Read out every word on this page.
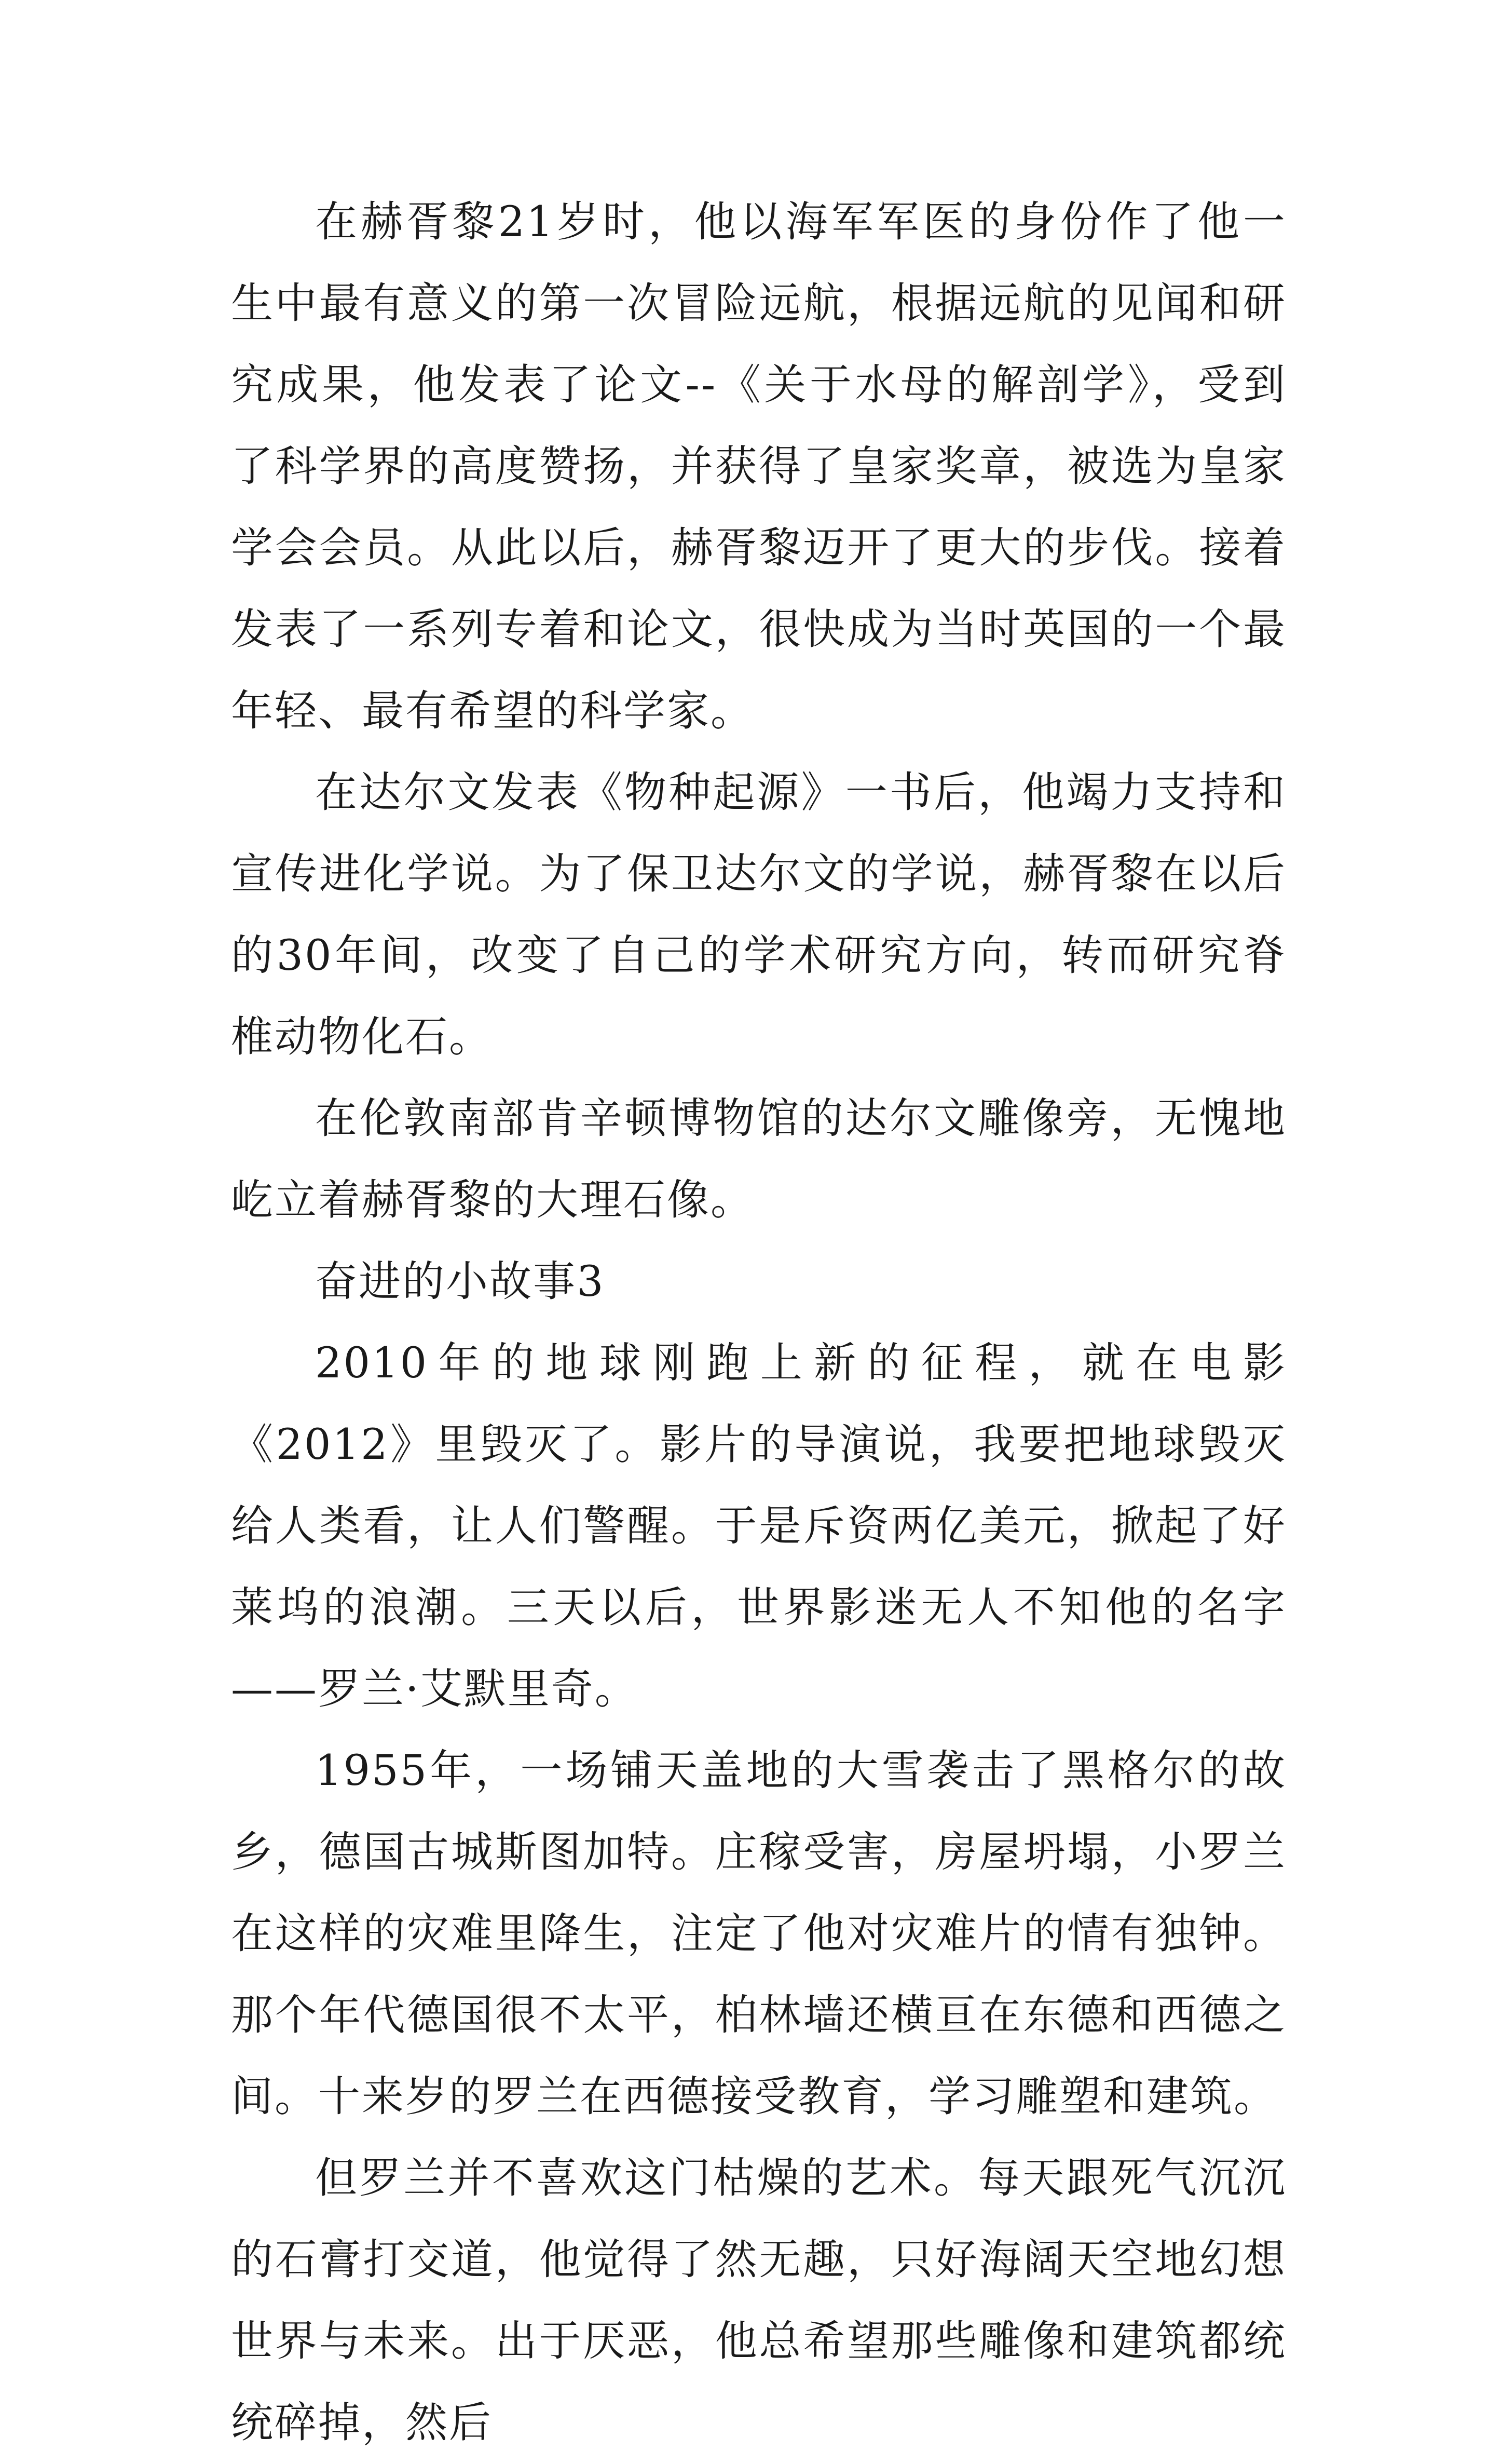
在赫胥黎21岁时，他以海军军医的身份作了他一生中最有意义的第一次冒险远航，根据远航的见闻和研究成果，他发表了论文--《关于水母的解剖学》，受到了科学界的高度赞扬，并获得了皇家奖章，被选为皇家学会会员。从此以后，赫胥黎迈开了更大的步伐。接着发表了一系列专着和论文，很快成为当时英国的一个最年轻、最有希望的科学家。

在达尔文发表《物种起源》一书后，他竭力支持和宣传进化学说。为了保卫达尔文的学说，赫胥黎在以后的30年间，改变了自己的学术研究方向，转而研究脊椎动物化石。

在伦敦南部肯辛顿博物馆的达尔文雕像旁，无愧地屹立着赫胥黎的大理石像。

奋进的小故事3

2010年的地球刚跑上新的征程，就在电影《2012》里毁灭了。影片的导演说，我要把地球毁灭给人类看，让人们警醒。于是斥资两亿美元，掀起了好莱坞的浪潮。三天以后，世界影迷无人不知他的名字——罗兰·艾默里奇。

1955年，一场铺天盖地的大雪袭击了黑格尔的故乡，德国古城斯图加特。庄稼受害，房屋坍塌，小罗兰在这样的灾难里降生，注定了他对灾难片的情有独钟。那个年代德国很不太平，柏林墙还横亘在东德和西德之间。十来岁的罗兰在西德接受教育，学习雕塑和建筑。

但罗兰并不喜欢这门枯燥的艺术。每天跟死气沉沉的石膏打交道，他觉得了然无趣，只好海阔天空地幻想世界与未来。出于厌恶，他总希望那些雕像和建筑都统统碎掉，然后
